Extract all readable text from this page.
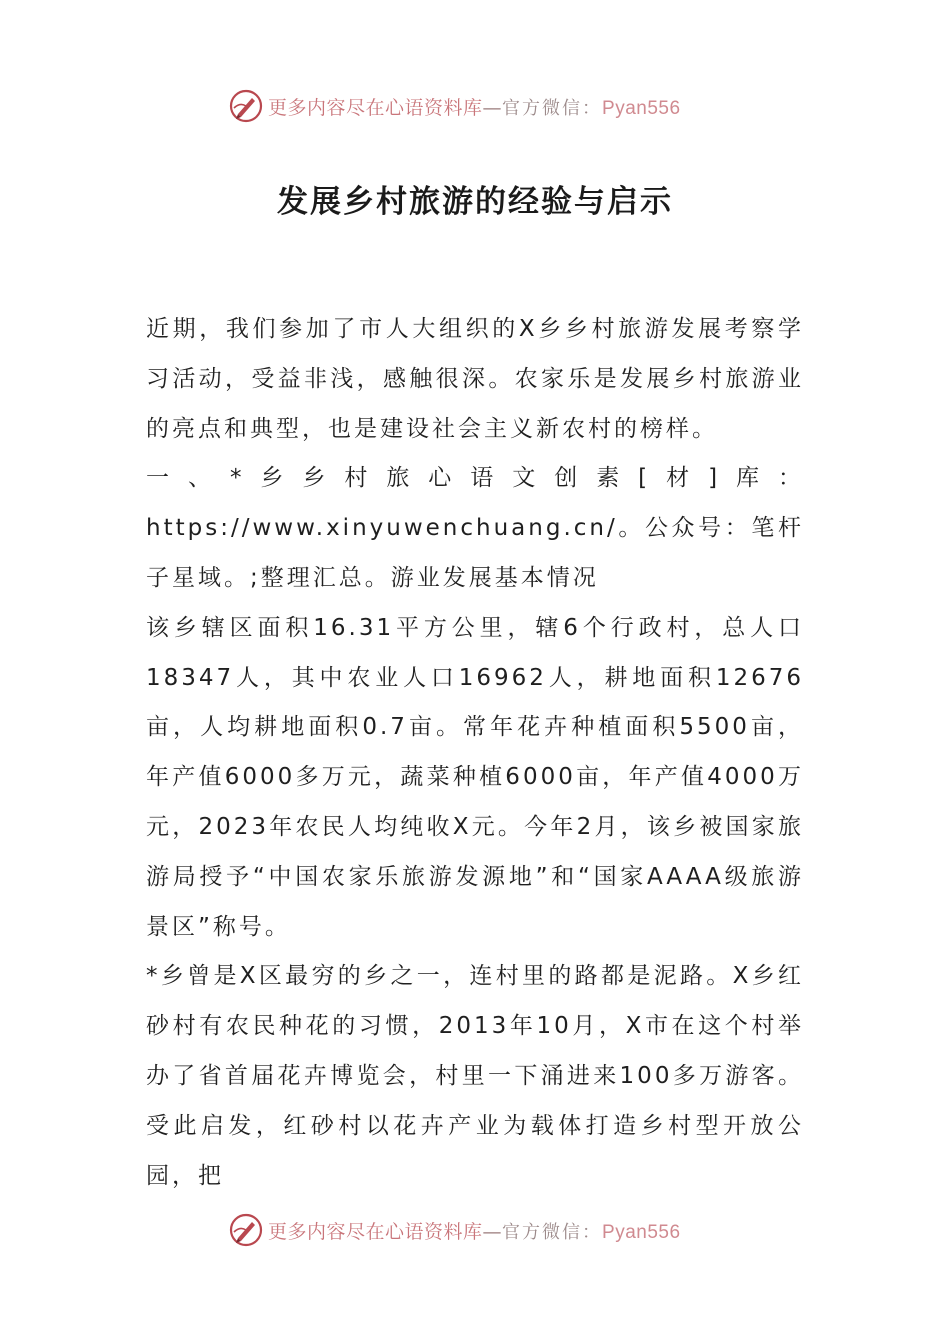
更多内容尽在心语资料库—官方微信：Pyan556
发展乡村旅游的经验与启示

近期，我们参加了市人大组织的X乡乡村旅游发展考察学习活动，受益非浅，感触很深。农家乐是发展乡村旅游业的亮点和典型，也是建设社会主义新农村的榜样。

一、*乡乡村旅心语文创素[材]库：https://www.xinyuwenchuang.cn/。公众号：笔杆子星域。;整理汇总。游业发展基本情况

该乡辖区面积16.31平方公里，辖6个行政村，总人口18347人，其中农业人口16962人，耕地面积12676亩，人均耕地面积0.7亩。常年花卉种植面积5500亩，年产值6000多万元，蔬菜种植6000亩，年产值4000万元，2023年农民人均纯收X元。今年2月，该乡被国家旅游局授予“中国农家乐旅游发源地”和“国家AAAA级旅游景区”称号。

*乡曾是X区最穷的乡之一，连村里的路都是泥路。X乡红砂村有农民种花的习惯，2013年10月，X市在这个村举办了省首届花卉博览会，村里一下涌进来100多万游客。受此启发，红砂村以花卉产业为载体打造乡村型开放公园，把

更多内容尽在心语资料库—官方微信：Pyan556
